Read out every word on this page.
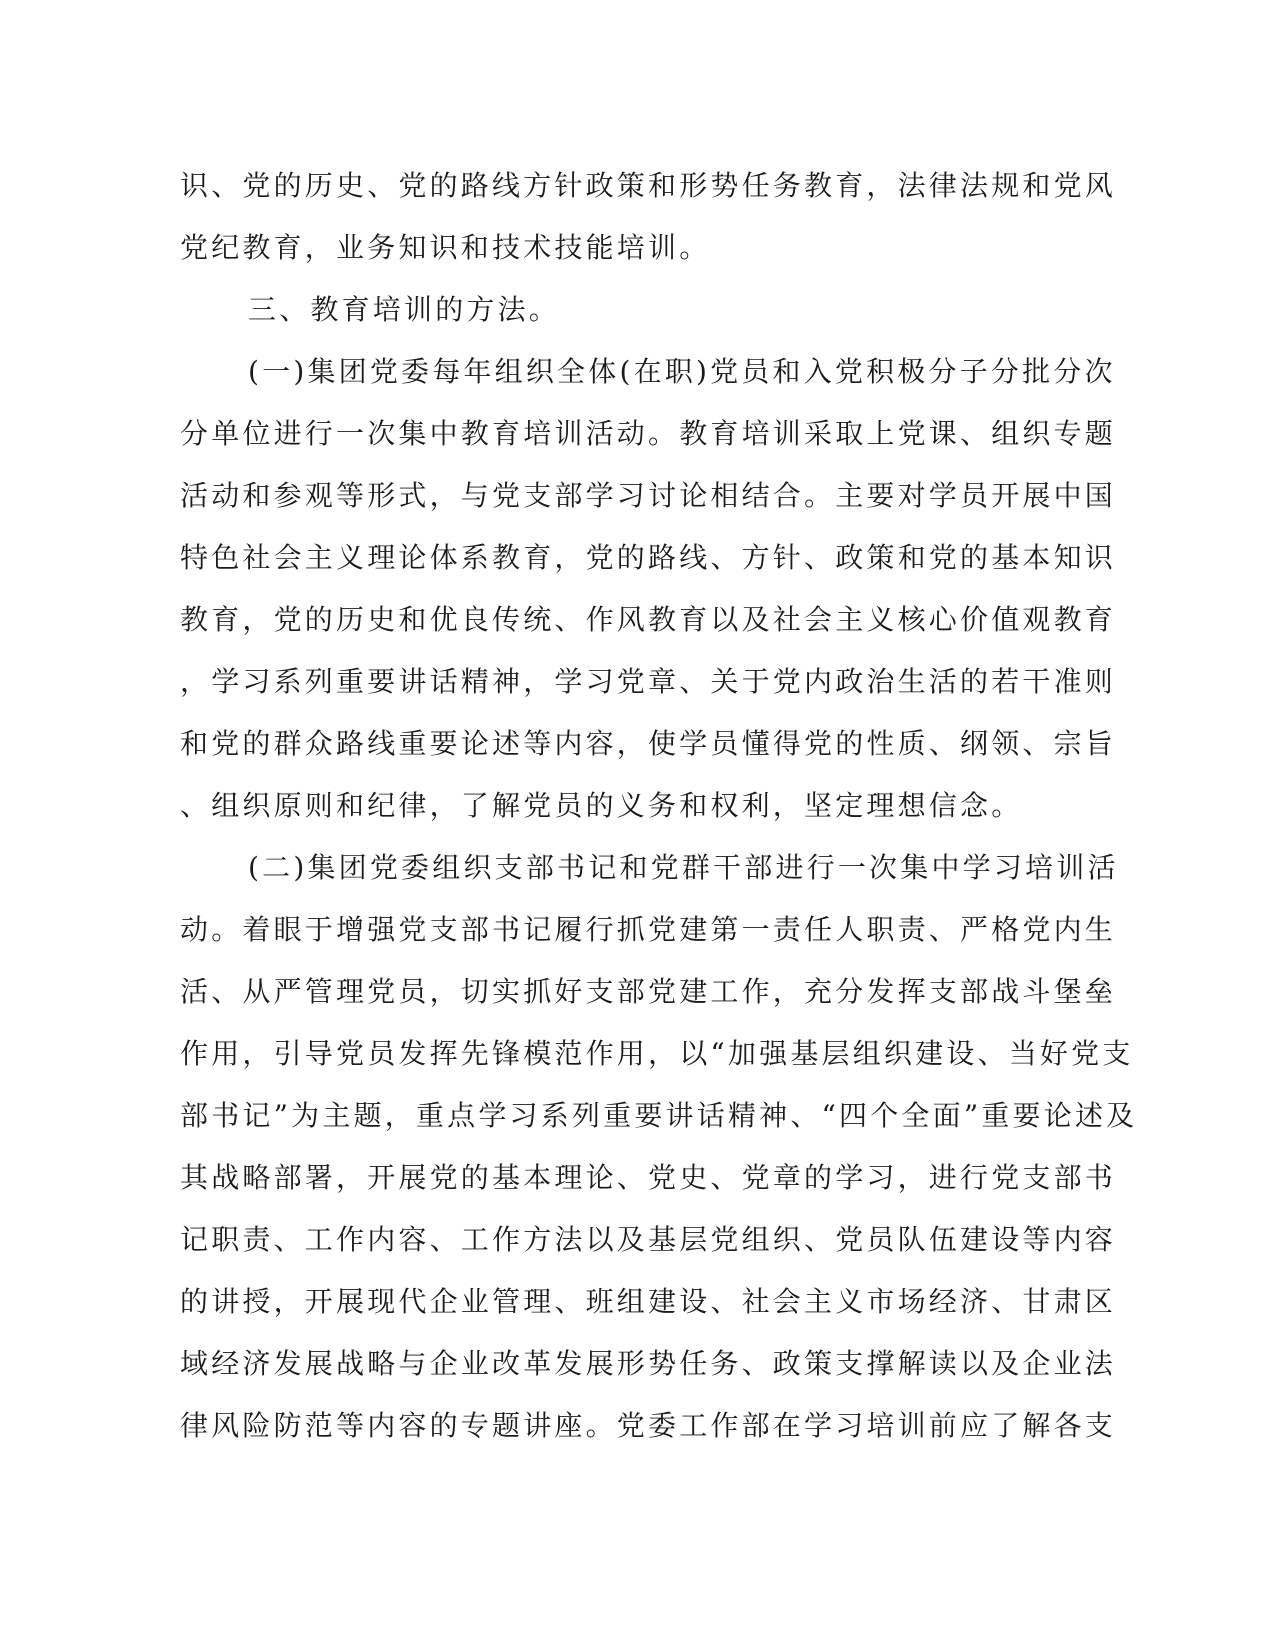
识、党的历史、党的路线方针政策和形势任务教育，法律法规和党风
党纪教育，业务知识和技术技能培训。
三、教育培训的方法。
(一)集团党委每年组织全体(在职)党员和入党积极分子分批分次
分单位进行一次集中教育培训活动。教育培训采取上党课、组织专题
活动和参观等形式，与党支部学习讨论相结合。主要对学员开展中国
特色社会主义理论体系教育，党的路线、方针、政策和党的基本知识
教育，党的历史和优良传统、作风教育以及社会主义核心价值观教育
，学习系列重要讲话精神，学习党章、关于党内政治生活的若干准则
和党的群众路线重要论述等内容，使学员懂得党的性质、纲领、宗旨
、组织原则和纪律，了解党员的义务和权利，坚定理想信念。
(二)集团党委组织支部书记和党群干部进行一次集中学习培训活
动。着眼于增强党支部书记履行抓党建第一责任人职责、严格党内生
活、从严管理党员，切实抓好支部党建工作，充分发挥支部战斗堡垒
作用，引导党员发挥先锋模范作用，以“加强基层组织建设、当好党支
部书记”为主题，重点学习系列重要讲话精神、“四个全面”重要论述及
其战略部署，开展党的基本理论、党史、党章的学习，进行党支部书
记职责、工作内容、工作方法以及基层党组织、党员队伍建设等内容
的讲授，开展现代企业管理、班组建设、社会主义市场经济、甘肃区
域经济发展战略与企业改革发展形势任务、政策支撑解读以及企业法
律风险防范等内容的专题讲座。党委工作部在学习培训前应了解各支
